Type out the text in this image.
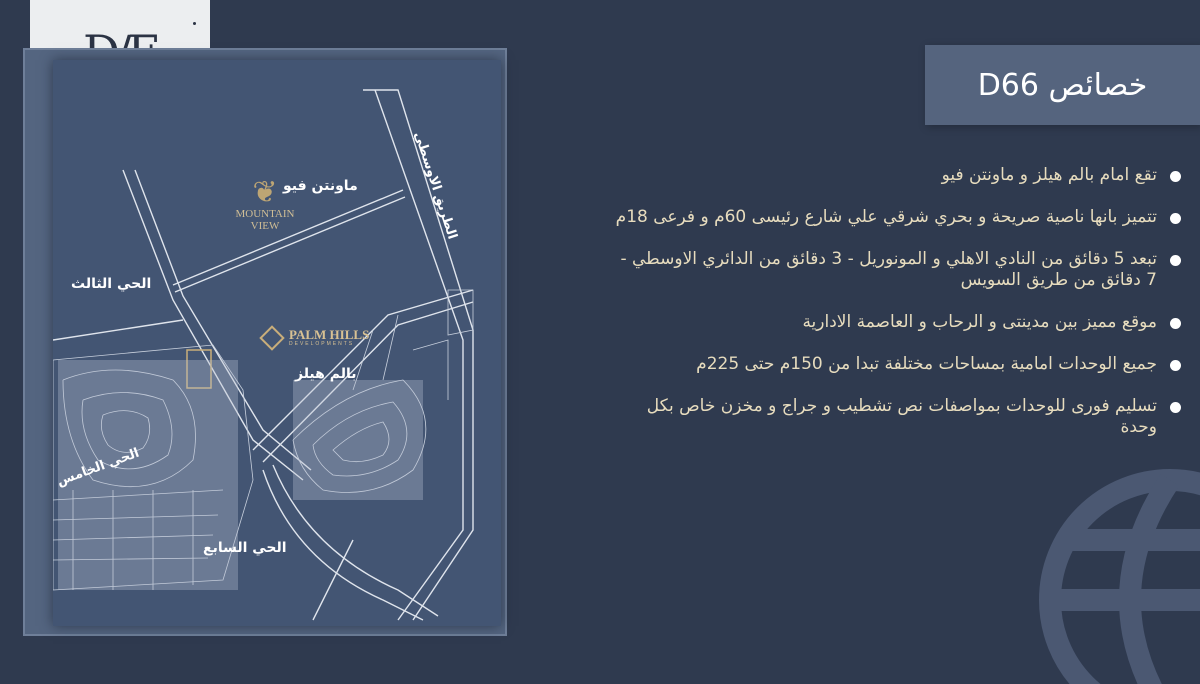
❦
MOUNTAIN
VIEW
PALM HILLS
DEVELOPMENTS
ماونتن فيو	الطريق الاوسطي
الحي الثالث
بالم هيلز
الحي الخامس
الحي السابع
خصائص D66
تقع امام بالم هيلز و ماونتن فيو
تتميز بانها ناصية صريحة و بحري شرقي علي شارع رئيسى 60م و فرعى 18م
تبعد 5 دقائق من النادي الاهلي و المونوريل - 3 دقائق من الدائري الاوسطي - 7 دقائق من طريق السويس
موقع مميز بين مدينتى و الرحاب و العاصمة الادارية
جميع الوحدات امامية بمساحات مختلفة تبدا من 150م حتى 225م
تسليم فورى للوحدات بمواصفات نص تشطيب و جراج و مخزن خاص بكل وحدة
